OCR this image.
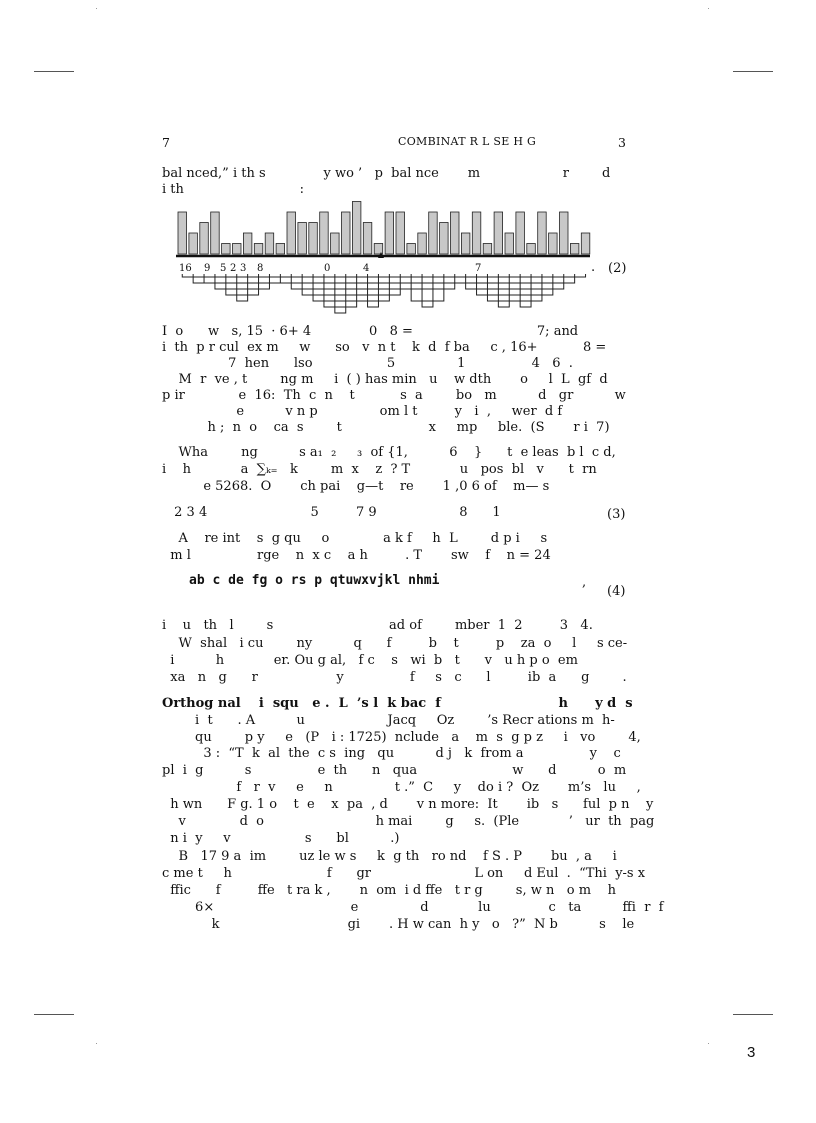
7	COMBINAT R L SE H G	3
bal nced,” i th s              y wo ’   p  bal nce       m                    r        d
i th                            :
I  o      w   s, 15  · 6+ 4              0   8 =                              7; and
i  th  p r cul  ex m     w      so   v  n t    k  d  f ba     c , 16+           8 =
7  hen      lso                  5               1                4   6  .
M  r  ve , t        ng m     i  ( ) has min   u    w dth       o     l  L  gf  d
p ir             e  16:  Th  c  n    t           s  a        bo   m          d   gr          w
e          v n p               om l t         y   i  ,     wer  d f
h ;  n  o    ca  s        t                     x     mp     ble.  (S       r i  7)
Wha        ng          s a₁  ₂     ₃  of {1,          6    }      t  e leas  b l  c d,
i    h            a  ∑ₖ₌   k        m  x    z  ? T            u   pos  bl   v      t  rn
e 5268.  O       ch pai    g—t    re       1 ,0 6 of    m— s
A    re int    s  g qu     o             a k f     h  L        d p i     s
m l                rge    n  x c    a h         . T       sw    f    n = 24
i    u   th   l        s                            ad of        mber  1  2         3   4.
W  shal   i cu        ny          q      f         b    t         p    za  o     l     s ce-
i          h            er. Ou g al,   f c    s   wi  b   t      v   u h p o  em
xa   n   g      r                   y                f     s   c      l         ib  a      g        .
Orthog nal    i  squ   e .  L  ’s l  k bac  f                          h      y d  s
i  t      . A          u                    Jacq     Oz        ’s Recr ations m  h-
qu        p y     e   (P   i : 1725)  nclude   a    m  s  g p z     i   vo        4,
3 :  “T  k  al  the  c s  ing   qu          d j   k  from a                y    c
pl  i  g          s                e  th      n   qua                       w      d          o  m
f   r  v     e     n               t .”  C     y    do i ?  Oz       m’s   lu     ,
h wn      F g. 1 o    t  e    x  pa  , d       v n more:  It       ib   s      ful  p n    y
v             d  o                           h mai        g     s.  (Ple            ’   ur  th  pag
n i  y     v                  s      bl          .)
B   17 9 a  im        uz le w s     k  g th   ro nd    f S . P       bu  , a     i
c me t     h                       f      gr                         L on     d Eul  .  “Thi  y-s x
ffic      f         ffe   t ra k ,       n  om  i d ffe   t r g        s, w n   o m    h
6×                                 e               d            lu              c   ta          ffi  r  f
k                               gi       . H w can  h y   o   ?”  N b          s    le
2 3 4                         5         7 9                    8      1	(3)
ab c de fg o rs p qtuwxvjkl nhmi	,
(4)
16 9 5 2 3 8	0	4	7	. (2)
3
